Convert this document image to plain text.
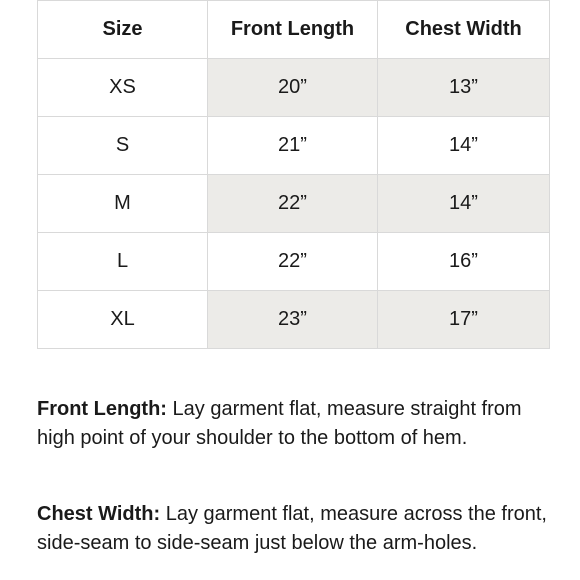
Size	Front Length	Chest Width
XS	20”	13”
S	21”	14”
M	22”	14”
L	22”	16”
XL	23”	17”

Front Length: Lay garment flat, measure straight from high point of your shoulder to the bottom of hem.

Chest Width: Lay garment flat, measure across the front, side-seam to side-seam just below the arm-holes.
